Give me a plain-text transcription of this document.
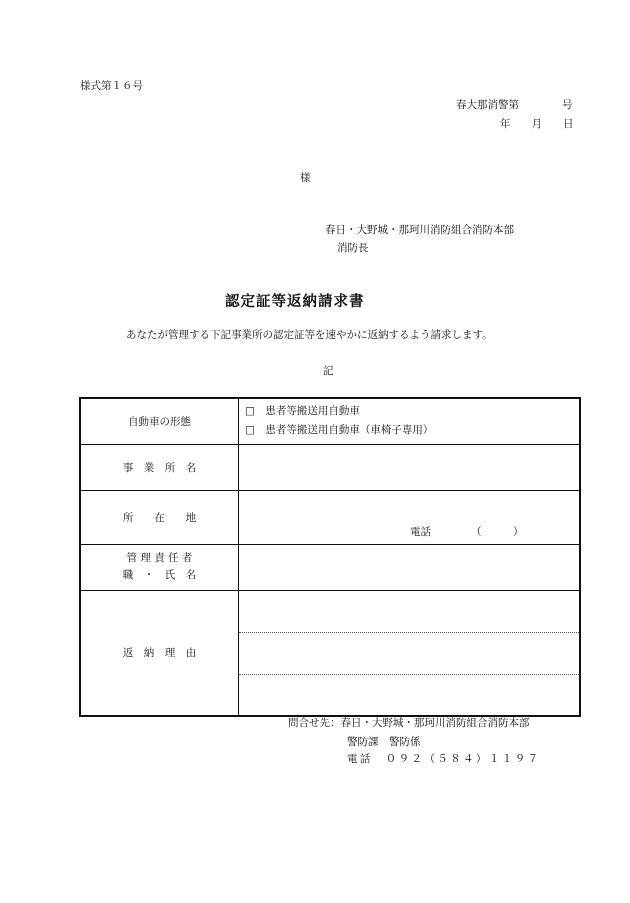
様式第１６号
春大那消警第	号
年 月 日
様
春日・大野城・那珂川消防組合消防本部
消防長
認定証等返納請求書
あなたが管理する下記事業所の認定証等を速やかに返納するよう請求します。
記
自動車の形態	□　 患者等搬送用自動車
□　 患者等搬送用自動車（車椅子専用）

事　業　所　名	
所　　在　　地	電話 （　　　）

管 理 責 任 者
職　・　氏　名	
返　納　理　由	
問合せ先：春日・大野城・那珂川消防組合消防本部
警防課　警防係
電話　０９２（５８４）１１９７
